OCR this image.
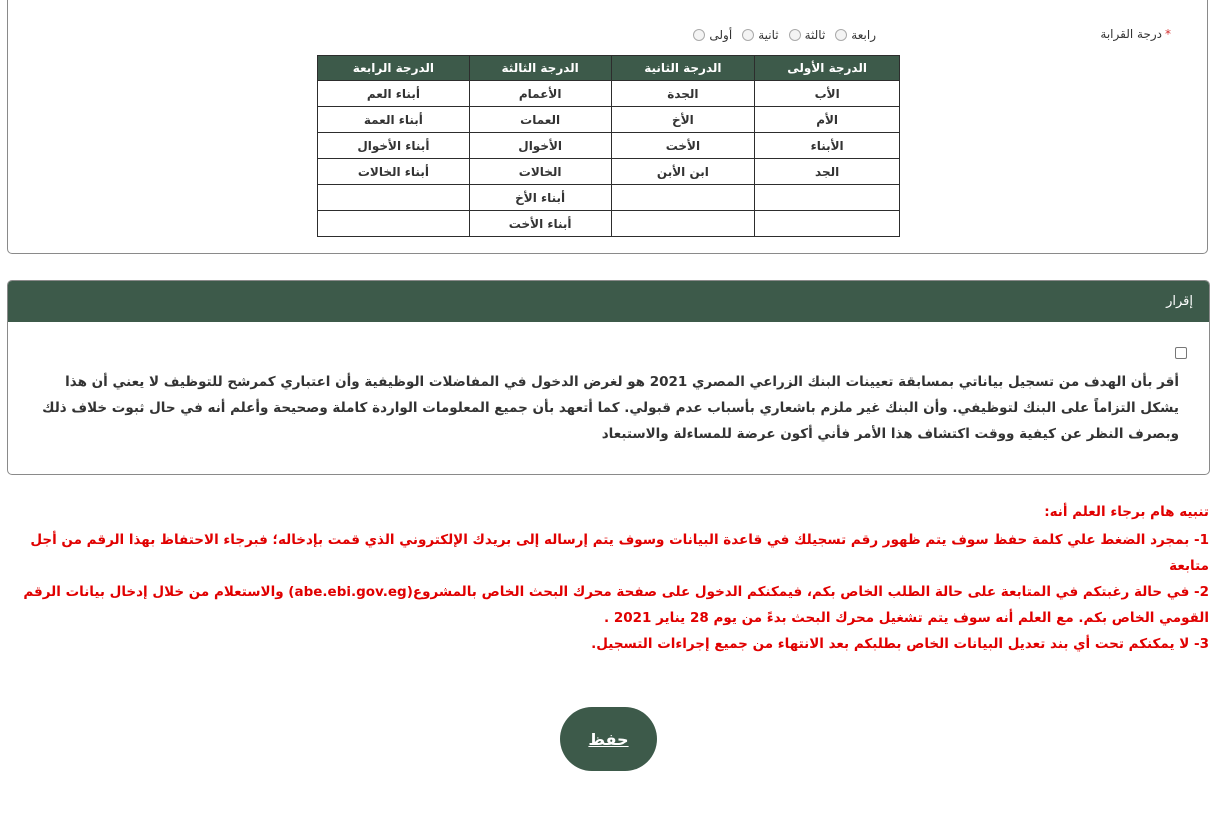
*درجة القرابة
أولى ثانية ثالثة رابعة
الدرجة الأولى	الدرجة الثانية	الدرجة الثالثة	الدرجة الرابعة
الأب	الجدة	الأعمام	أبناء العم
الأم	الأخ	العمات	أبناء العمة
الأبناء	الأخت	الأخوال	أبناء الأخوال
الجد	ابن الأبن	الخالات	أبناء الخالات
		أبناء الأخ	
		أبناء الأخت	
إقرار
أقر بأن الهدف من تسجيل بياناتي بمسابقة تعيينات البنك الزراعي المصري 2021 هو لغرض الدخول في المفاضلات الوظيفية وأن اعتباري كمرشح للتوظيف لا يعني أن هذا يشكل التزاماً على البنك لتوظيفي. وأن البنك غير ملزم باشعاري بأسباب عدم قبولي. كما أتعهد بأن جميع المعلومات الواردة كاملة وصحيحة وأعلم أنه في حال ثبوت خلاف ذلك وبصرف النظر عن كيفية ووقت اكتشاف هذا الأمر فأني أكون عرضة للمساءلة والاستبعاد

تنبيه هام برجاء العلم أنه:

1- بمجرد الضغط علي كلمة حفظ سوف يتم ظهور رقم تسجيلك في قاعدة البيانات وسوف يتم إرساله إلى بريدك الإلكتروني الذي قمت بإدخاله؛ فبرجاء الاحتفاظ بهذا الرقم من أجل متابعة

2- في حالة رغبتكم في المتابعة على حالة الطلب الخاص بكم، فيمكنكم الدخول على صفحة محرك البحث الخاص بالمشروع(abe.ebi.gov.eg) والاستعلام من خلال إدخال بيانات الرقم القومي الخاص بكم. مع العلم أنه سوف يتم تشغيل محرك البحث بدءً من يوم 28 يناير 2021 .

3- لا يمكنكم تحت أي بند تعديل البيانات الخاص بطلبكم بعد الانتهاء من جميع إجراءات التسجيل.

حفظ
